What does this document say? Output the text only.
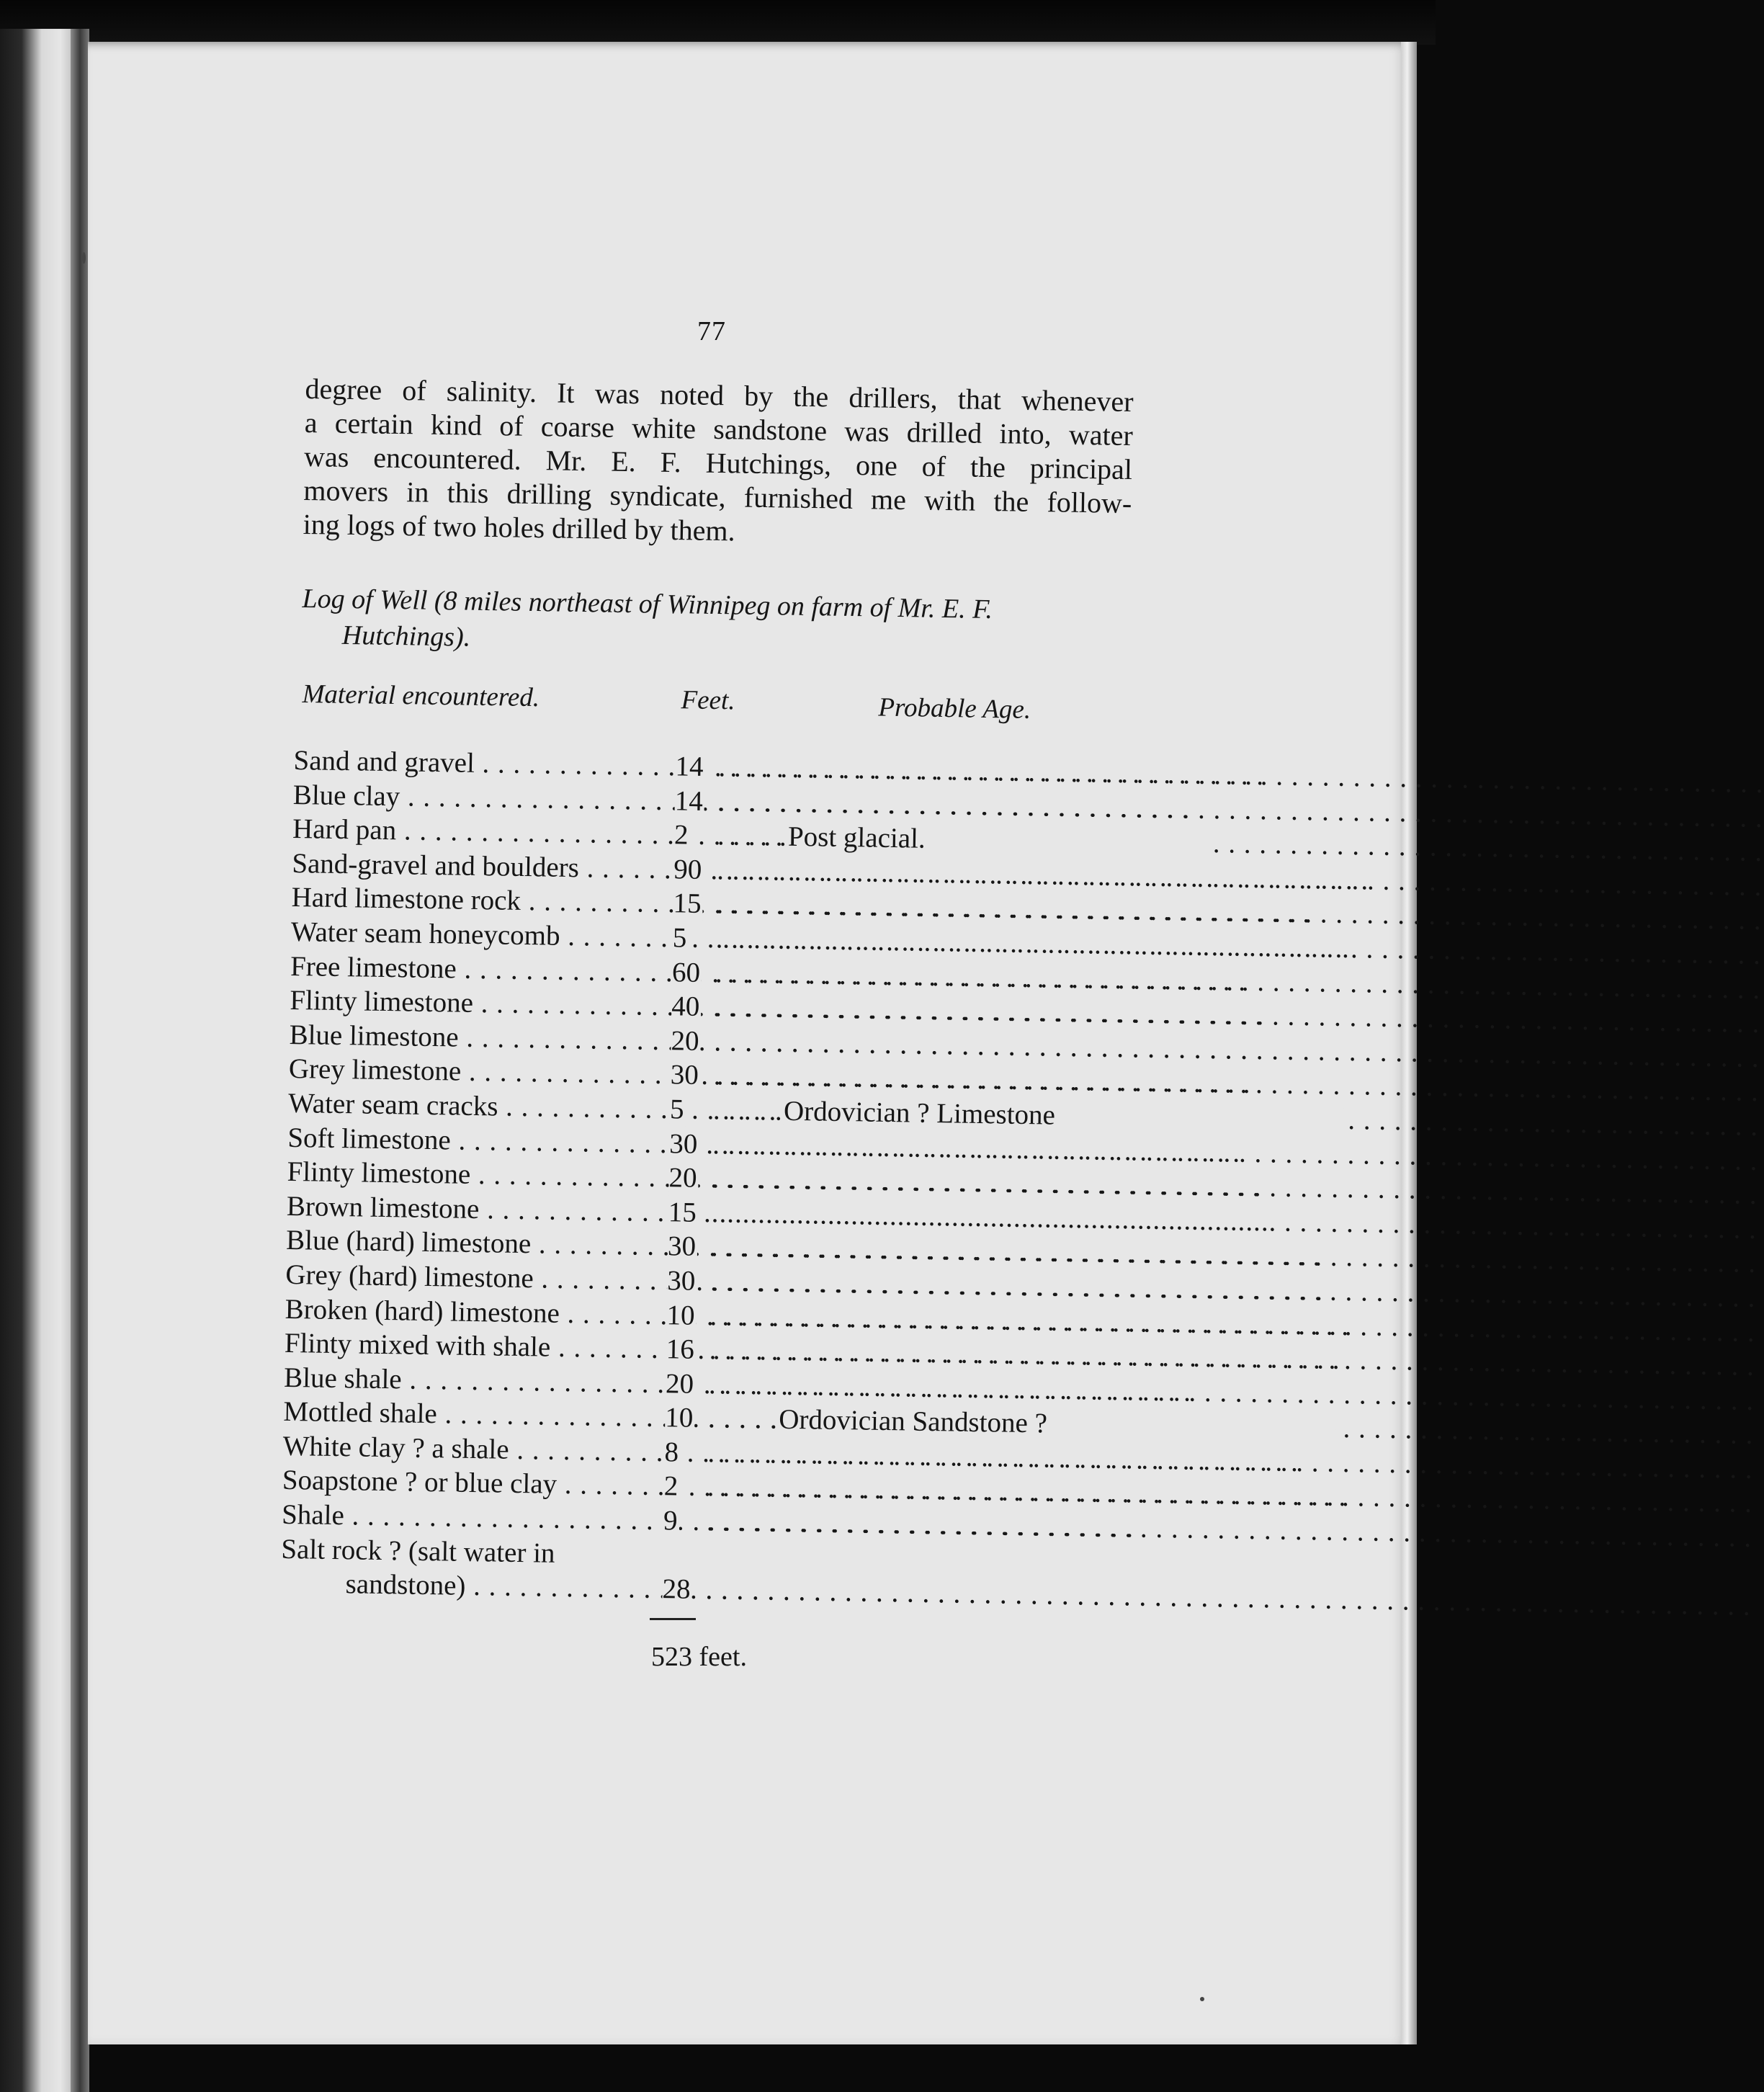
77
degree of salinity. It was noted by the drillers, that whenever
a certain kind of coarse white sandstone was drilled into, water
was encountered. Mr. E. F. Hutchings, one of the principal
movers in this drilling syndicate, furnished me with the follow-
ing logs of two holes drilled by them.
Log of Well (8 miles northeast of Winnipeg on farm of Mr. E. F.
Hutchings).
Material encountered.	Feet.	Probable Age.
Sand and gravel . . .	14
. . .
Blue clay . . .	14
. . .
Hard pan . . .	2 . . .	Post glacial.
Sand-gravel and boulders . . .	90
. . .
Hard limestone rock . . .	15
. . .
Water seam honeycomb . . .	5
. . .
Free limestone . . .	60
. . .
Flinty limestone . . .	40
. . .
Blue limestone . . .	20
. . .
Grey limestone . . .	30
. . .
Water seam cracks . . .	5 . . .	Ordovician ? Limestone
Soft limestone . . .	30
. . .
Flinty limestone . . .	20
. . .
Brown limestone . . .	15
. . .
Blue (hard) limestone . . .	30
. . .
Grey (hard) limestone . . .	30
. . .
Broken (hard) limestone . . .	10
. . .
Flinty mixed with shale . . .	16
. . .
Blue shale . . .	20
. . .
Mottled shale . . .	10 . . .	Ordovician Sandstone ?
White clay ? a shale . . .	8
. . .
Soapstone ? or blue clay . . .	2
. . .
Shale . . .	9
. . .
Salt rock ? (salt water in
sandstone) . . .	28
. . .
523 feet.
